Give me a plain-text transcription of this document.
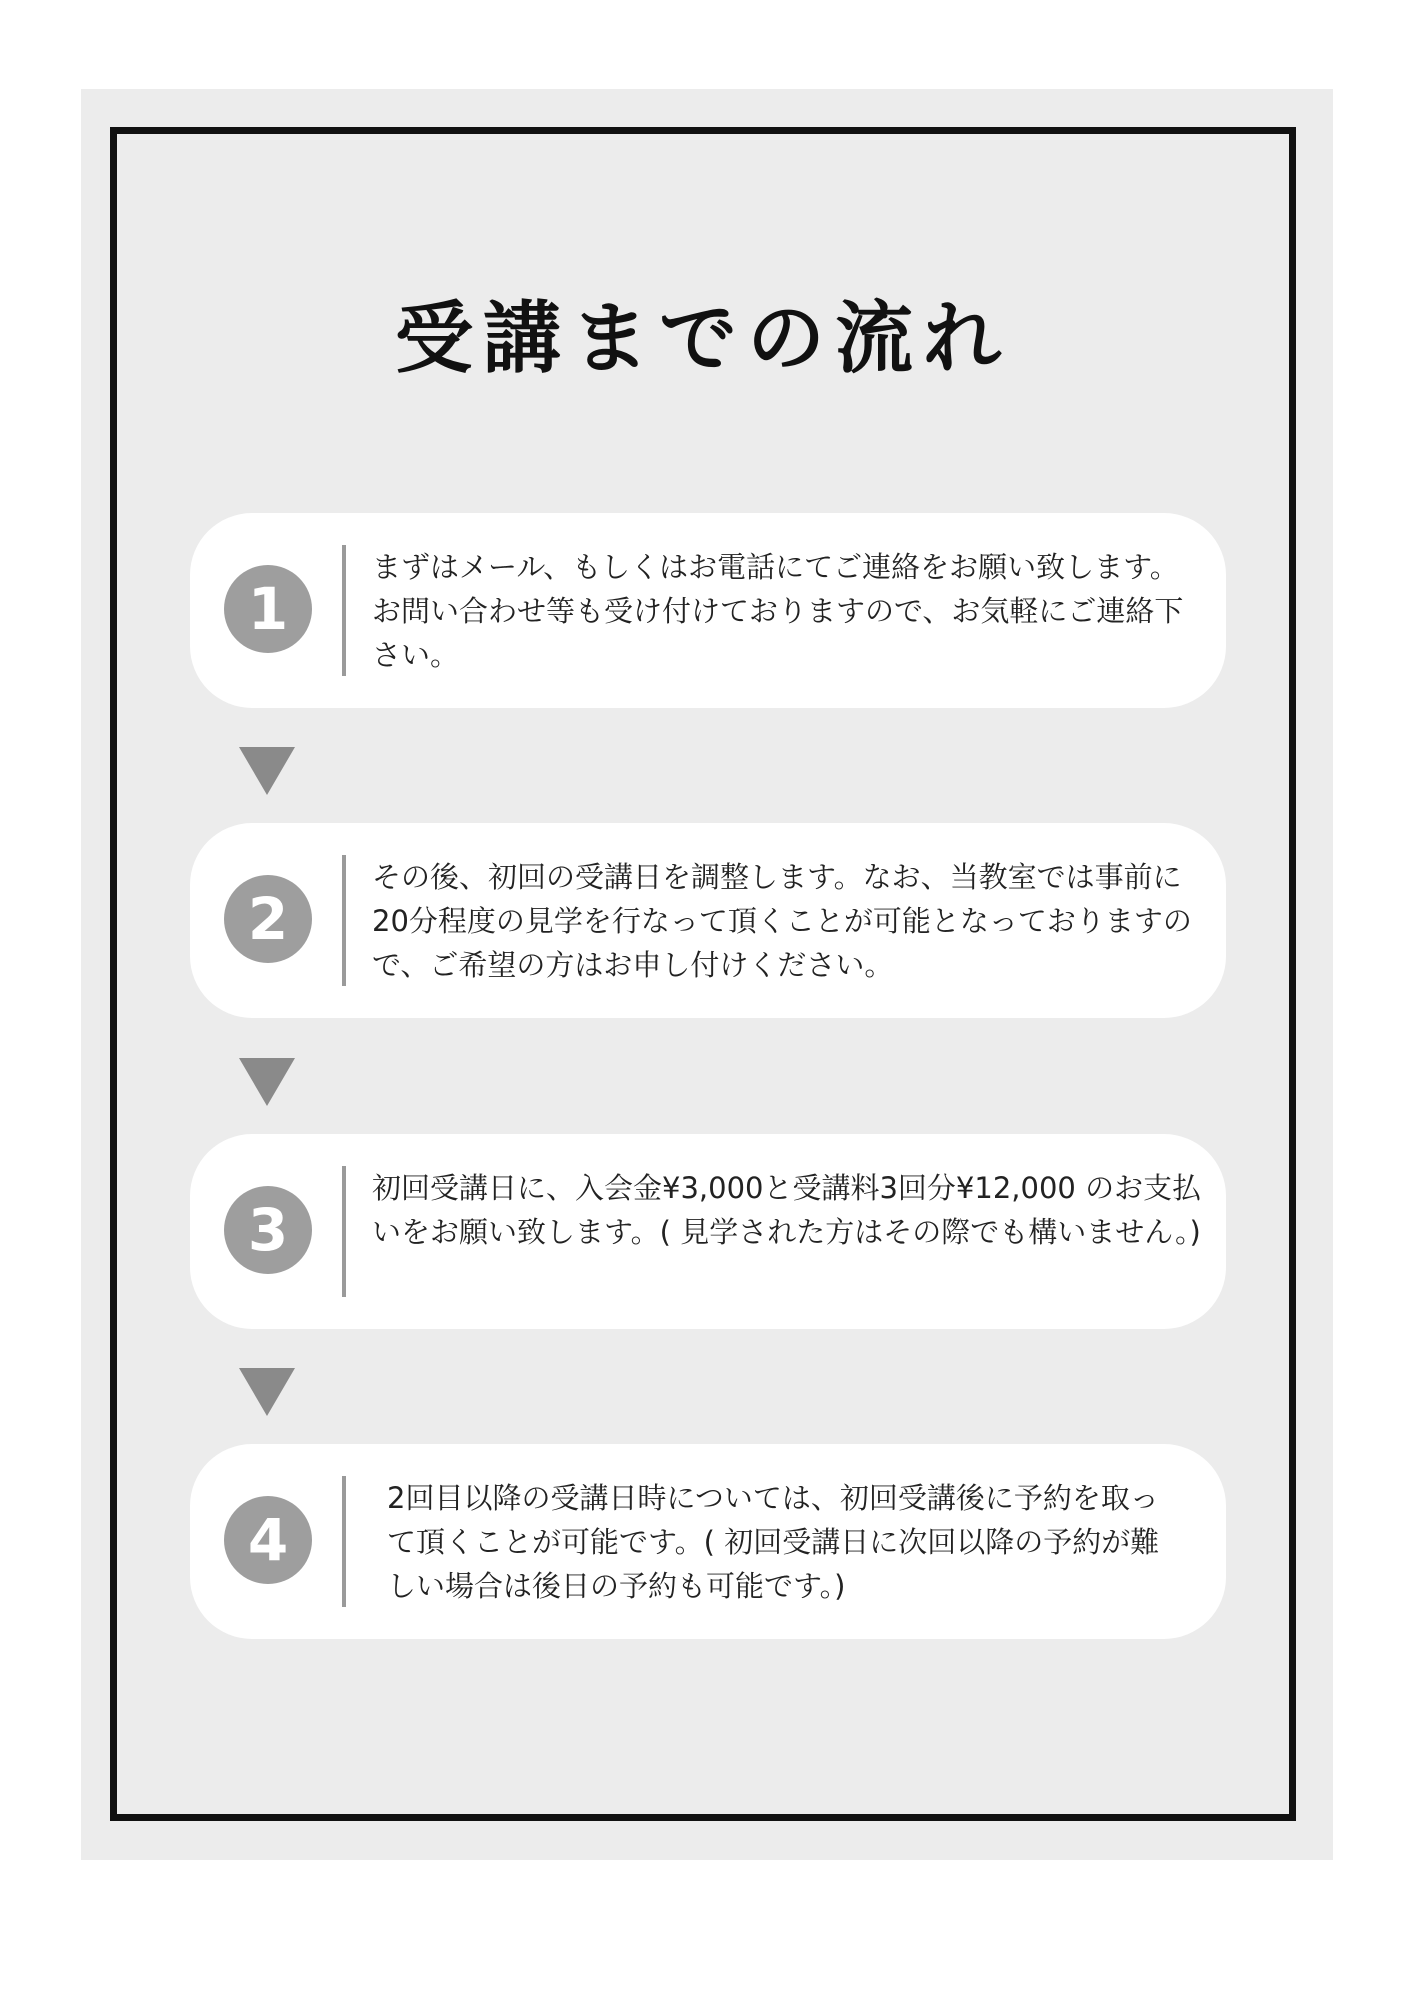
受講までの流れ
1
まずはメール、もしくはお電話にてご連絡をお願い致します。お問い合わせ等も受け付けておりますので、お気軽にご連絡下さい。
2
その後、初回の受講日を調整します。なお、当教室では事前に20分程度の見学を行なって頂くことが可能となっておりますので、ご希望の方はお申し付けください。
3
初回受講日に、入会金¥3,000と受講料3回分¥12,000 のお支払いをお願い致します。( 見学された方はその際でも構いません。)
4
2回目以降の受講日時については、初回受講後に予約を取って頂くことが可能です。( 初回受講日に次回以降の予約が難しい場合は後日の予約も可能です。)
